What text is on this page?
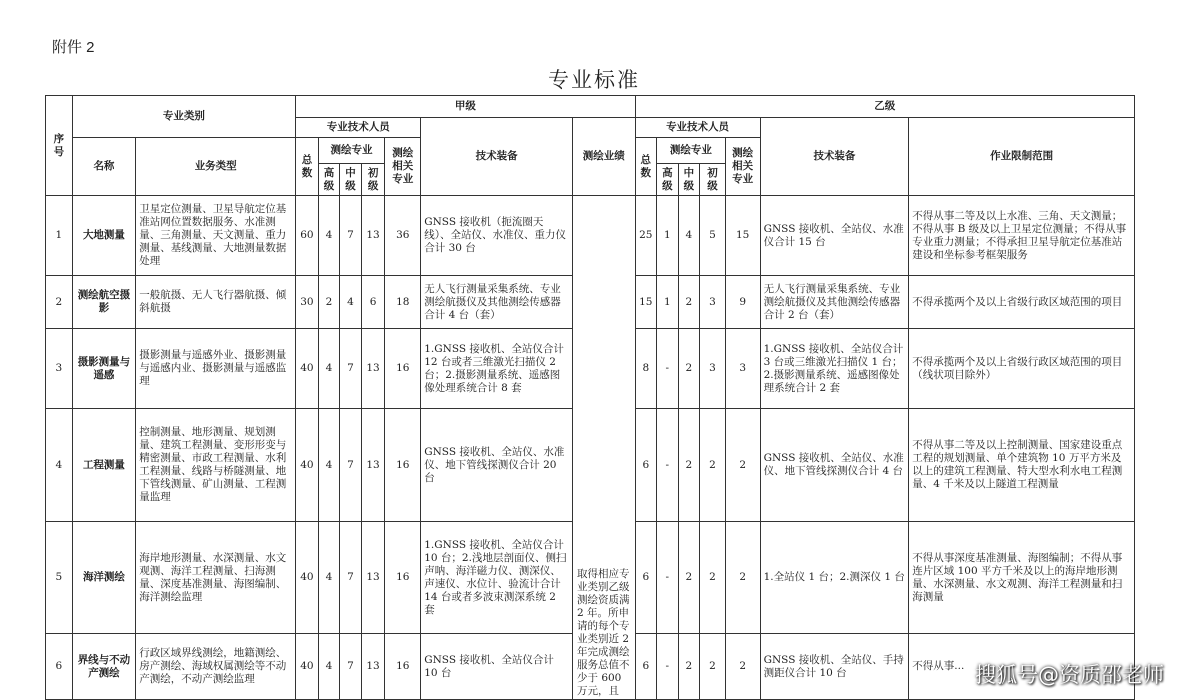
附件 2
专业标准
序号	专业类别		甲级							乙级						
			专业技术人员					技术装备	测绘业绩	专业技术人员					技术装备	作业限制范围
	名称	业务类型	总数	测绘专业			测绘相关专业			总数	测绘专业			测绘相关专业		
				高级	中级	初级					高级	中级	初级			
1	大地测量	卫星定位测量、卫星导航定位基准站网位置数据服务、水准测量、三角测量、天文测量、重力测量、基线测量、大地测量数据处理	60	4	7	13	36	GNSS 接收机（扼流圈天线）、全站仪、水准仪、重力仪合计 30 台	取得相应专业类别乙级测绘资质满 2 年。所申请的每个专业类别近 2 年完成测绘服务总值不少于 600 万元，且	25	1	4	5	15	GNSS 接收机、全站仪、水准仪合计 15 台	不得从事二等及以上水准、三角、天文测量；不得从事 B 级及以上卫星定位测量；不得从事专业重力测量；不得承担卫星导航定位基准站建设和坐标参考框架服务
2	测绘航空摄影	一般航摄、无人飞行器航摄、倾斜航摄	30	2	4	6	18	无人飞行测量采集系统、专业测绘航摄仪及其他测绘传感器合计 4 台（套）		15	1	2	3	9	无人飞行测量采集系统、专业测绘航摄仪及其他测绘传感器合计 2 台（套）	不得承揽两个及以上省级行政区域范围的项目
3	摄影测量与遥感	摄影测量与遥感外业、摄影测量与遥感内业、摄影测量与遥感监理	40	4	7	13	16	1.GNSS 接收机、全站仪合计 12 台或者三维激光扫描仪 2 台；2.摄影测量系统、遥感图像处理系统合计 8 套		8	-	2	3	3	1.GNSS 接收机、全站仪合计 3 台或三维激光扫描仪 1 台；2.摄影测量系统、遥感图像处理系统合计 2 套	不得承揽两个及以上省级行政区域范围的项目（线状项目除外）
4	工程测量	控制测量、地形测量、规划测量、建筑工程测量、变形形变与精密测量、市政工程测量、水利工程测量、线路与桥隧测量、地下管线测量、矿山测量、工程测量监理	40	4	7	13	16	GNSS 接收机、全站仪、水准仪、地下管线探测仪合计 20 台		6	-	2	2	2	GNSS 接收机、全站仪、水准仪、地下管线探测仪合计 4 台	不得从事二等及以上控制测量、国家建设重点工程的规划测量、单个建筑物 10 万平方米及以上的建筑工程测量、特大型水利水电工程测量、4 千米及以上隧道工程测量
5	海洋测绘	海岸地形测量、水深测量、水文观测、海洋工程测量、扫海测量、深度基准测量、海图编制、海洋测绘监理	40	4	7	13	16	1.GNSS 接收机、全站仪合计 10 台；2.浅地层剖面仪、侧扫声呐、海洋磁力仪、测深仪、声速仪、水位计、验流计合计 14 台或者多波束测深系统 2 套		6	-	2	2	2	1.全站仪 1 台；2.测深仪 1 台	不得从事深度基准测量、海图编制；不得从事连片区域 100 平方千米及以上的海岸地形测量、水深测量、水文观测、海洋工程测量和扫海测量
6	界线与不动产测绘	行政区域界线测绘，地籍测绘、房产测绘、海域权属测绘等不动产测绘，不动产测绘监理	40	4	7	13	16	GNSS 接收机、全站仪合计 10 台		6	-	2	2	2	GNSS 接收机、全站仪、手持测距仪合计 10 台	不得从事... 搜狐号@资质邵老师
